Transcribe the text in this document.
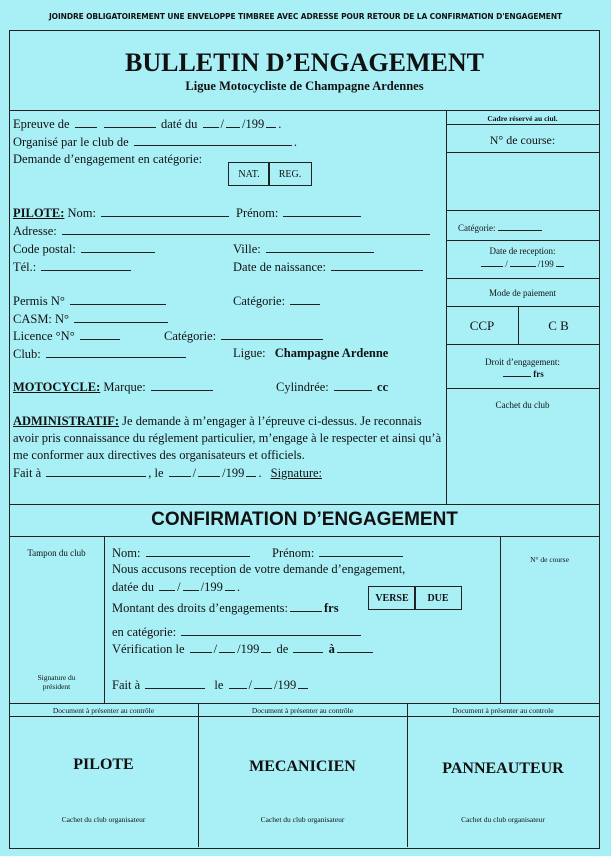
JOINDRE OBLIGATOIREMENT UNE ENVELOPPE TIMBREE AVEC ADRESSE POUR RETOUR DE LA CONFIRMATION D'ENGAGEMENT
BULLETIN D’ENGAGEMENT
Ligue Motocycliste de Champagne Ardennes
Epreuve de	daté du / /199 .
Organisé par le club de	.
Demande d’engagement en catégorie:
NAT.	REG.
PILOTE: Nom:	Prénom:
Adresse:
Code postal:	Ville:
Tél.:	Date de naissance:
Permis N°	Catégorie:
CASM: N°
Licence °N°	Catégorie:
Club:	Ligue: Champagne Ardenne
MOTOCYCLE: Marque:	Cylindrée:	cc
ADMINISTRATIF: Je demande à m’engager à l’épreuve ci-dessus. Je reconnais
avoir pris connaissance du réglement particulier, m’engage à le respecter et ainsi qu’à
me conformer aux directives des organisateurs et officiels.
Fait à	, le / /199 . Signature:
Cadre réservé au ciul.
N° de course:
Catégorie:
Date de reception:
/	/199
Mode de paiement
CCP	C B
Droit d’engagement:
frs
Cachet du club
CONFIRMATION D’ENGAGEMENT
Tampon du club
Signature du
président
Nom:	Prénom:
Nous accusons reception de votre demande d’engagement,
datée du / /199 .
Montant des droits d’engagements:	frs
VERSE	DUE
en catégorie:
Vérification le / /199 de	à
Fait à	le / /199
N° de course
Document à présenter au contrôle
PILOTE
Cachet du club organisateur
Document à présenter au contrôle
MECANICIEN
Cachet du club organisateur
Document à présenter au controle
PANNEAUTEUR
Cachet du club organisateur
